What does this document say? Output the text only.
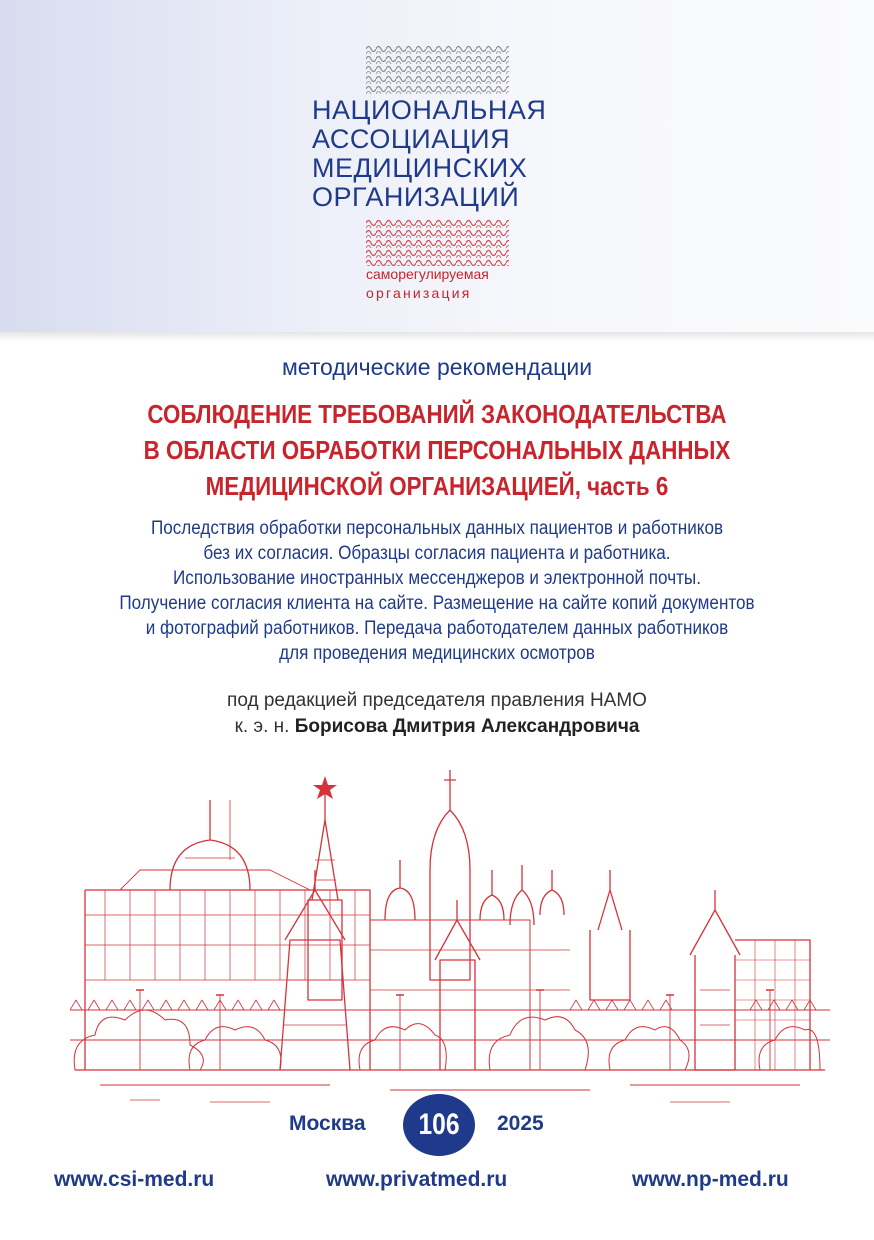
НАЦИОНАЛЬНАЯ
АССОЦИАЦИЯ
МЕДИЦИНСКИХ
ОРГАНИЗАЦИЙ
саморегулируемая
организация
методические рекомендации
СОБЛЮДЕНИЕ ТРЕБОВАНИЙ ЗАКОНОДАТЕЛЬСТВА
В ОБЛАСТИ ОБРАБОТКИ ПЕРСОНАЛЬНЫХ ДАННЫХ
МЕДИЦИНСКОЙ ОРГАНИЗАЦИЕЙ, часть 6
Последствия обработки персональных данных пациентов и работников
без их согласия. Образцы согласия пациента и работника.
Использование иностранных мессенджеров и электронной почты.
Получение согласия клиента на сайте. Размещение на сайте копий документов
и фотографий работников. Передача работодателем данных работников
для проведения медицинских осмотров
под редакцией председателя правления НАМО
к. э. н. Борисова Дмитрия Александровича
Москва 106 2025
www.csi-med.ru	www.privatmed.ru	www.np-med.ru
